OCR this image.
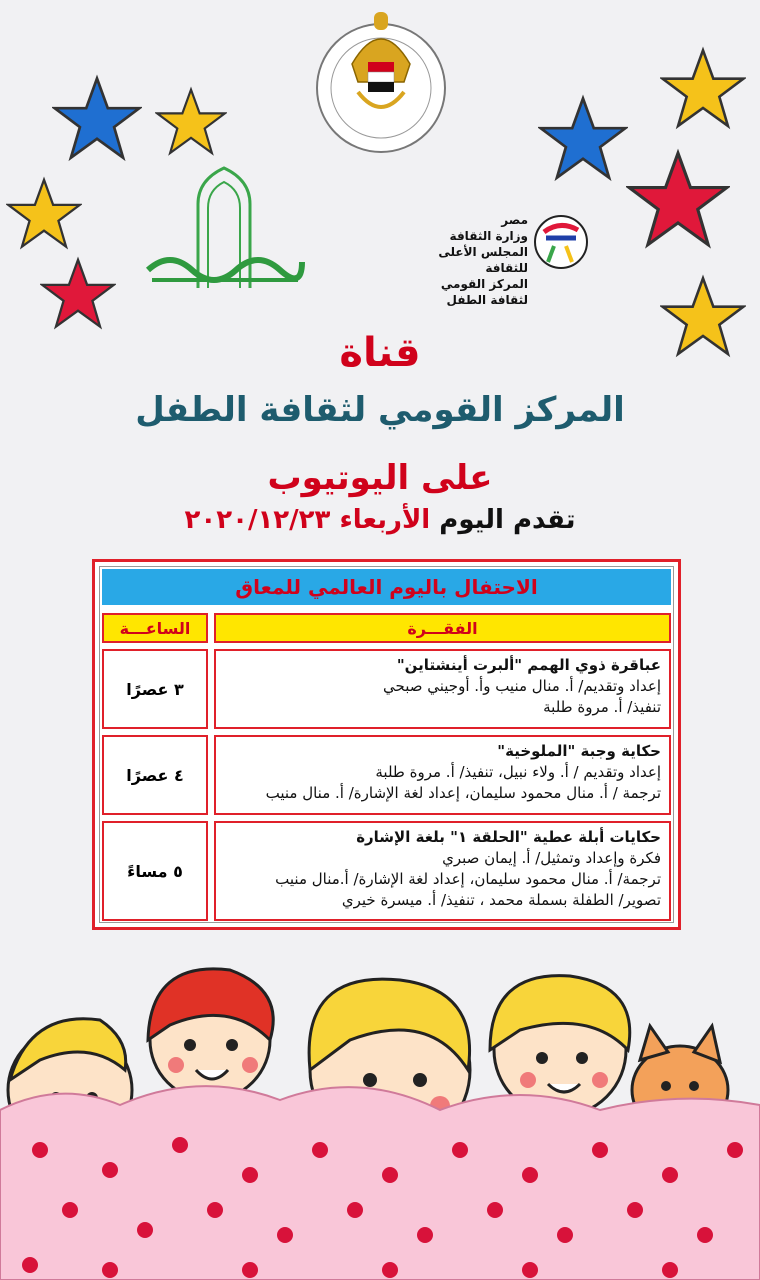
مصر
وزارة الثقافة
المجلس الأعلى للثقافة
المركز القومي لثقافة الطفل
قناة
المركز القومي لثقافة الطفل
على اليوتيوب
تقدم اليوم الأربعاء ٢٠٢٠/١٢/٢٣
الاحتفال باليوم العالمي للمعاق
الفقـــرة
الساعـــة
عباقرة ذوي الهمم "ألبرت أينشتاين"
إعداد وتقديم/ أ. منال منيب وأ. أوجيني صبحي
تنفيذ/ أ. مروة طلبة
٣ عصرًا
حكاية وجبة "الملوخية"
إعداد وتقديم / أ. ولاء نبيل، تنفيذ/ أ. مروة طلبة
ترجمة / أ. منال محمود سليمان، إعداد لغة الإشارة/ أ. منال منيب
٤ عصرًا
حكايات أبلة عطية "الحلقة ١" بلغة الإشارة
فكرة وإعداد وتمثيل/ أ. إيمان صبري
ترجمة/ أ. منال محمود سليمان، إعداد لغة الإشارة/ أ.منال منيب
تصوير/ الطفلة بسملة محمد ، تنفيذ/ أ. ميسرة خيري
٥ مساءً
